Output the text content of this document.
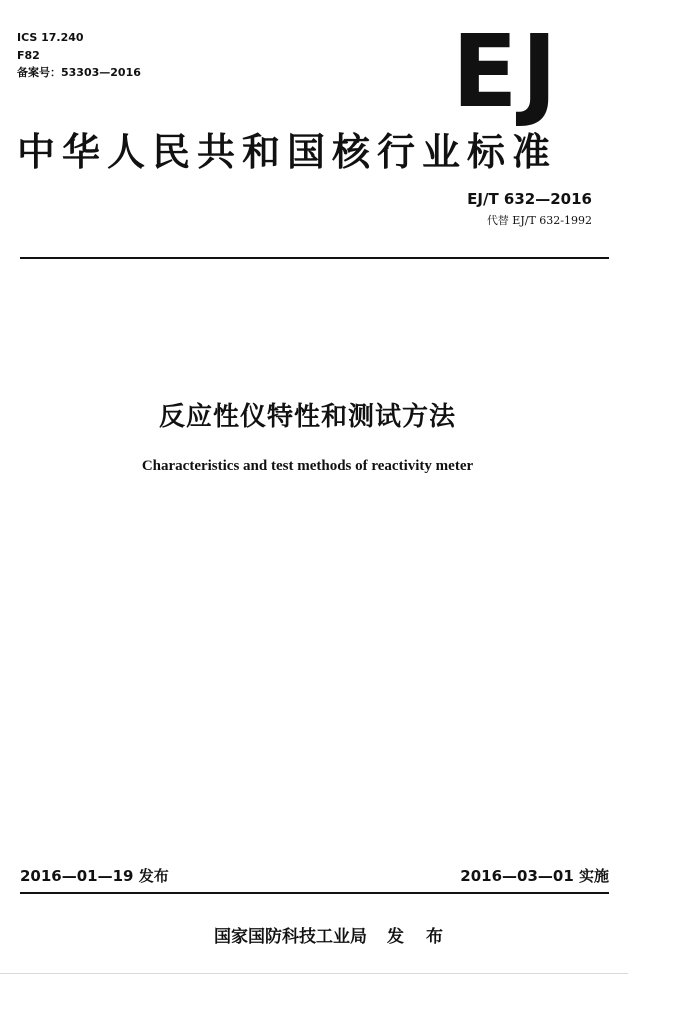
ICS 17.240
F82
备案号：53303—2016	EJ
中华人民共和国核行业标准
EJ/T 632—2016
代替 EJ/T 632-1992
反应性仪特性和测试方法
Characteristics and test methods of reactivity meter
2016—01—19 发布	2016—03—01 实施
国家国防科技工业局 发 布
